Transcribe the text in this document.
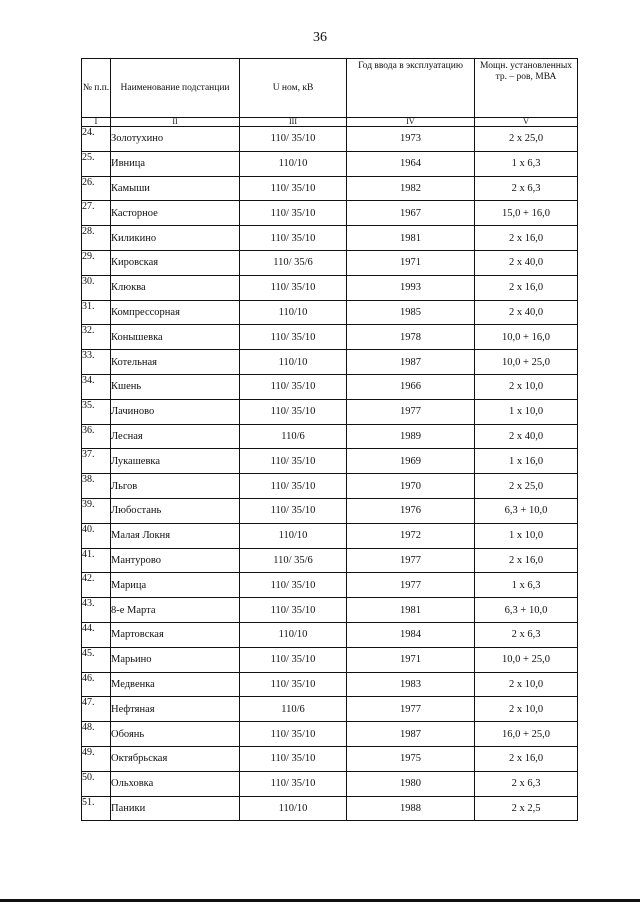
36
№ п.п.	Наименование подстанции	U ном, кВ	Год ввода в эксплуатацию	Мощн. установленных тр. – ров, МВА
I	II	III	IV	V
24.	Золотухино	110/ 35/10	1973	2 x 25,0
25.	Ивница	110/10	1964	1 x 6,3
26.	Камыши	110/ 35/10	1982	2 x 6,3
27.	Касторное	110/ 35/10	1967	15,0 + 16,0
28.	Киликино	110/ 35/10	1981	2 x 16,0
29.	Кировская	110/ 35/6	1971	2 x 40,0
30.	Клюква	110/ 35/10	1993	2 x 16,0
31.	Компрессорная	110/10	1985	2 x 40,0
32.	Конышевка	110/ 35/10	1978	10,0 + 16,0
33.	Котельная	110/10	1987	10,0 + 25,0
34.	Кшень	110/ 35/10	1966	2 x 10,0
35.	Лачиново	110/ 35/10	1977	1 x 10,0
36.	Лесная	110/6	1989	2 x 40,0
37.	Лукашевка	110/ 35/10	1969	1 x 16,0
38.	Льгов	110/ 35/10	1970	2 x 25,0
39.	Любостань	110/ 35/10	1976	6,3 + 10,0
40.	Малая Локня	110/10	1972	1 x 10,0
41.	Мантурово	110/ 35/6	1977	2 x 16,0
42.	Марица	110/ 35/10	1977	1 x 6,3
43.	8-е Марта	110/ 35/10	1981	6,3 + 10,0
44.	Мартовская	110/10	1984	2 x 6,3
45.	Марьино	110/ 35/10	1971	10,0 + 25,0
46.	Медвенка	110/ 35/10	1983	2 x 10,0
47.	Нефтяная	110/6	1977	2 x 10,0
48.	Обоянь	110/ 35/10	1987	16,0 + 25,0
49.	Октябрьская	110/ 35/10	1975	2 x 16,0
50.	Ольховка	110/ 35/10	1980	2 x 6,3
51.	Паники	110/10	1988	2 x 2,5
